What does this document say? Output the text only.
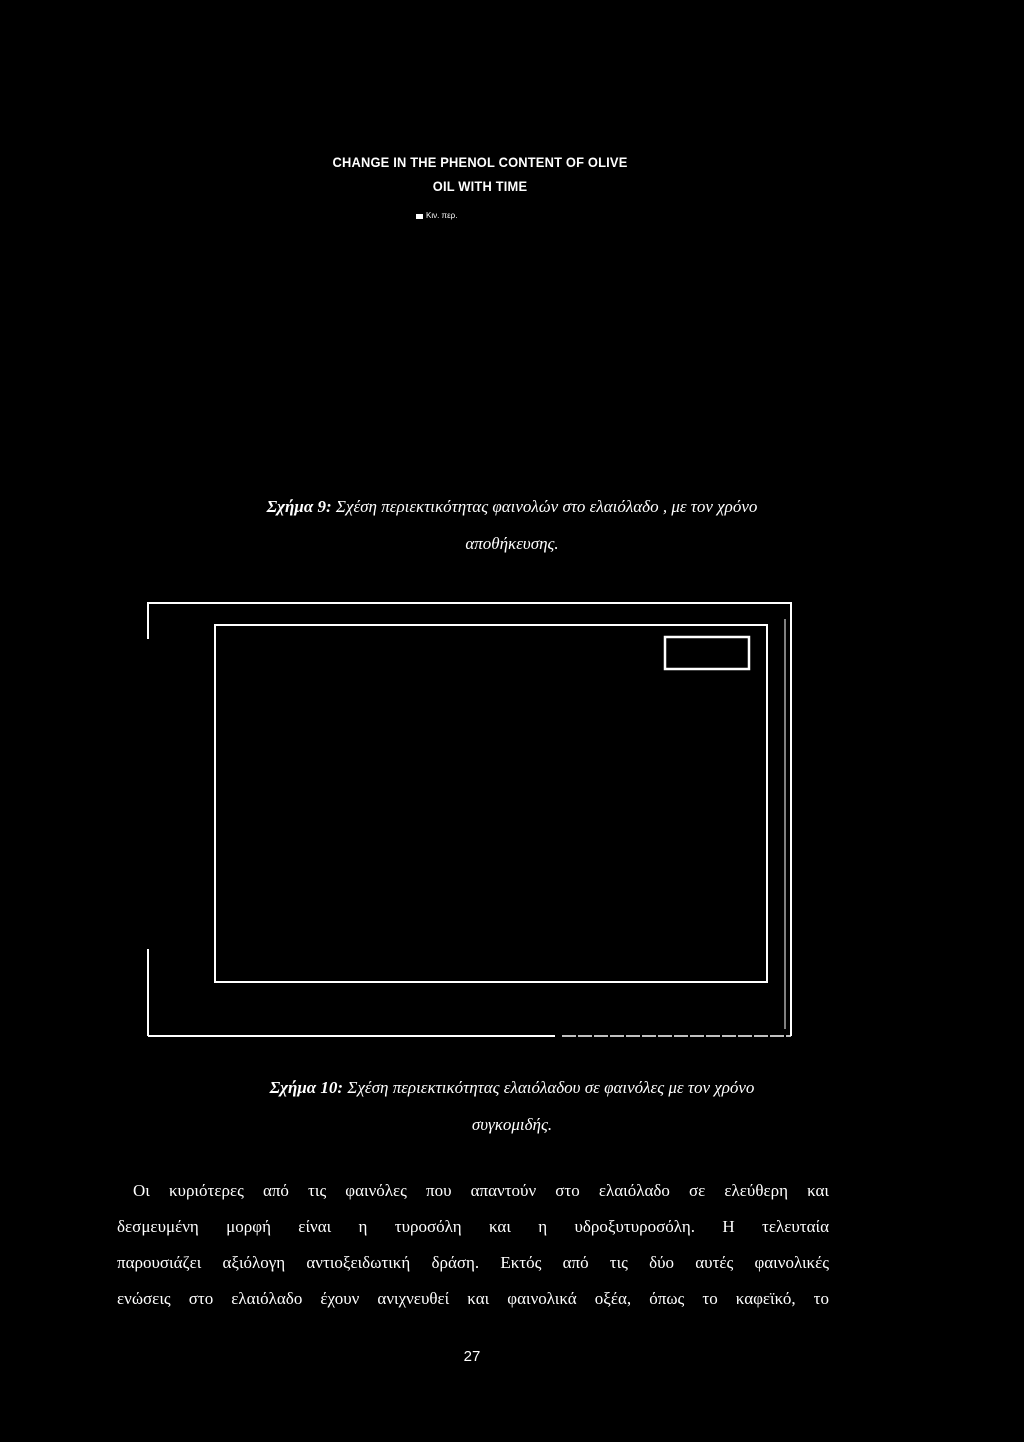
CHANGE IN THE PHENOL CONTENT OF OLIVE
OIL WITH TIME
Κιν. περ.
Σχήμα 9: Σχέση περιεκτικότητας φαινολών στο ελαιόλαδο , με τον χρόνο
αποθήκευσης.
Σχήμα 10: Σχέση περιεκτικότητας ελαιόλαδου σε φαινόλες με τον χρόνο
συγκομιδής.
Οι κυριότερες από τις φαινόλες που απαντούν στο ελαιόλαδο σε ελεύθερη και
δεσμευμένη μορφή είναι η τυροσόλη και η υδροξυτυροσόλη. Η τελευταία
παρουσιάζει αξιόλογη αντιοξειδωτική δράση. Εκτός από τις δύο αυτές φαινολικές
ενώσεις στο ελαιόλαδο έχουν ανιχνευθεί και φαινολικά οξέα, όπως το καφεϊκό, το
27
